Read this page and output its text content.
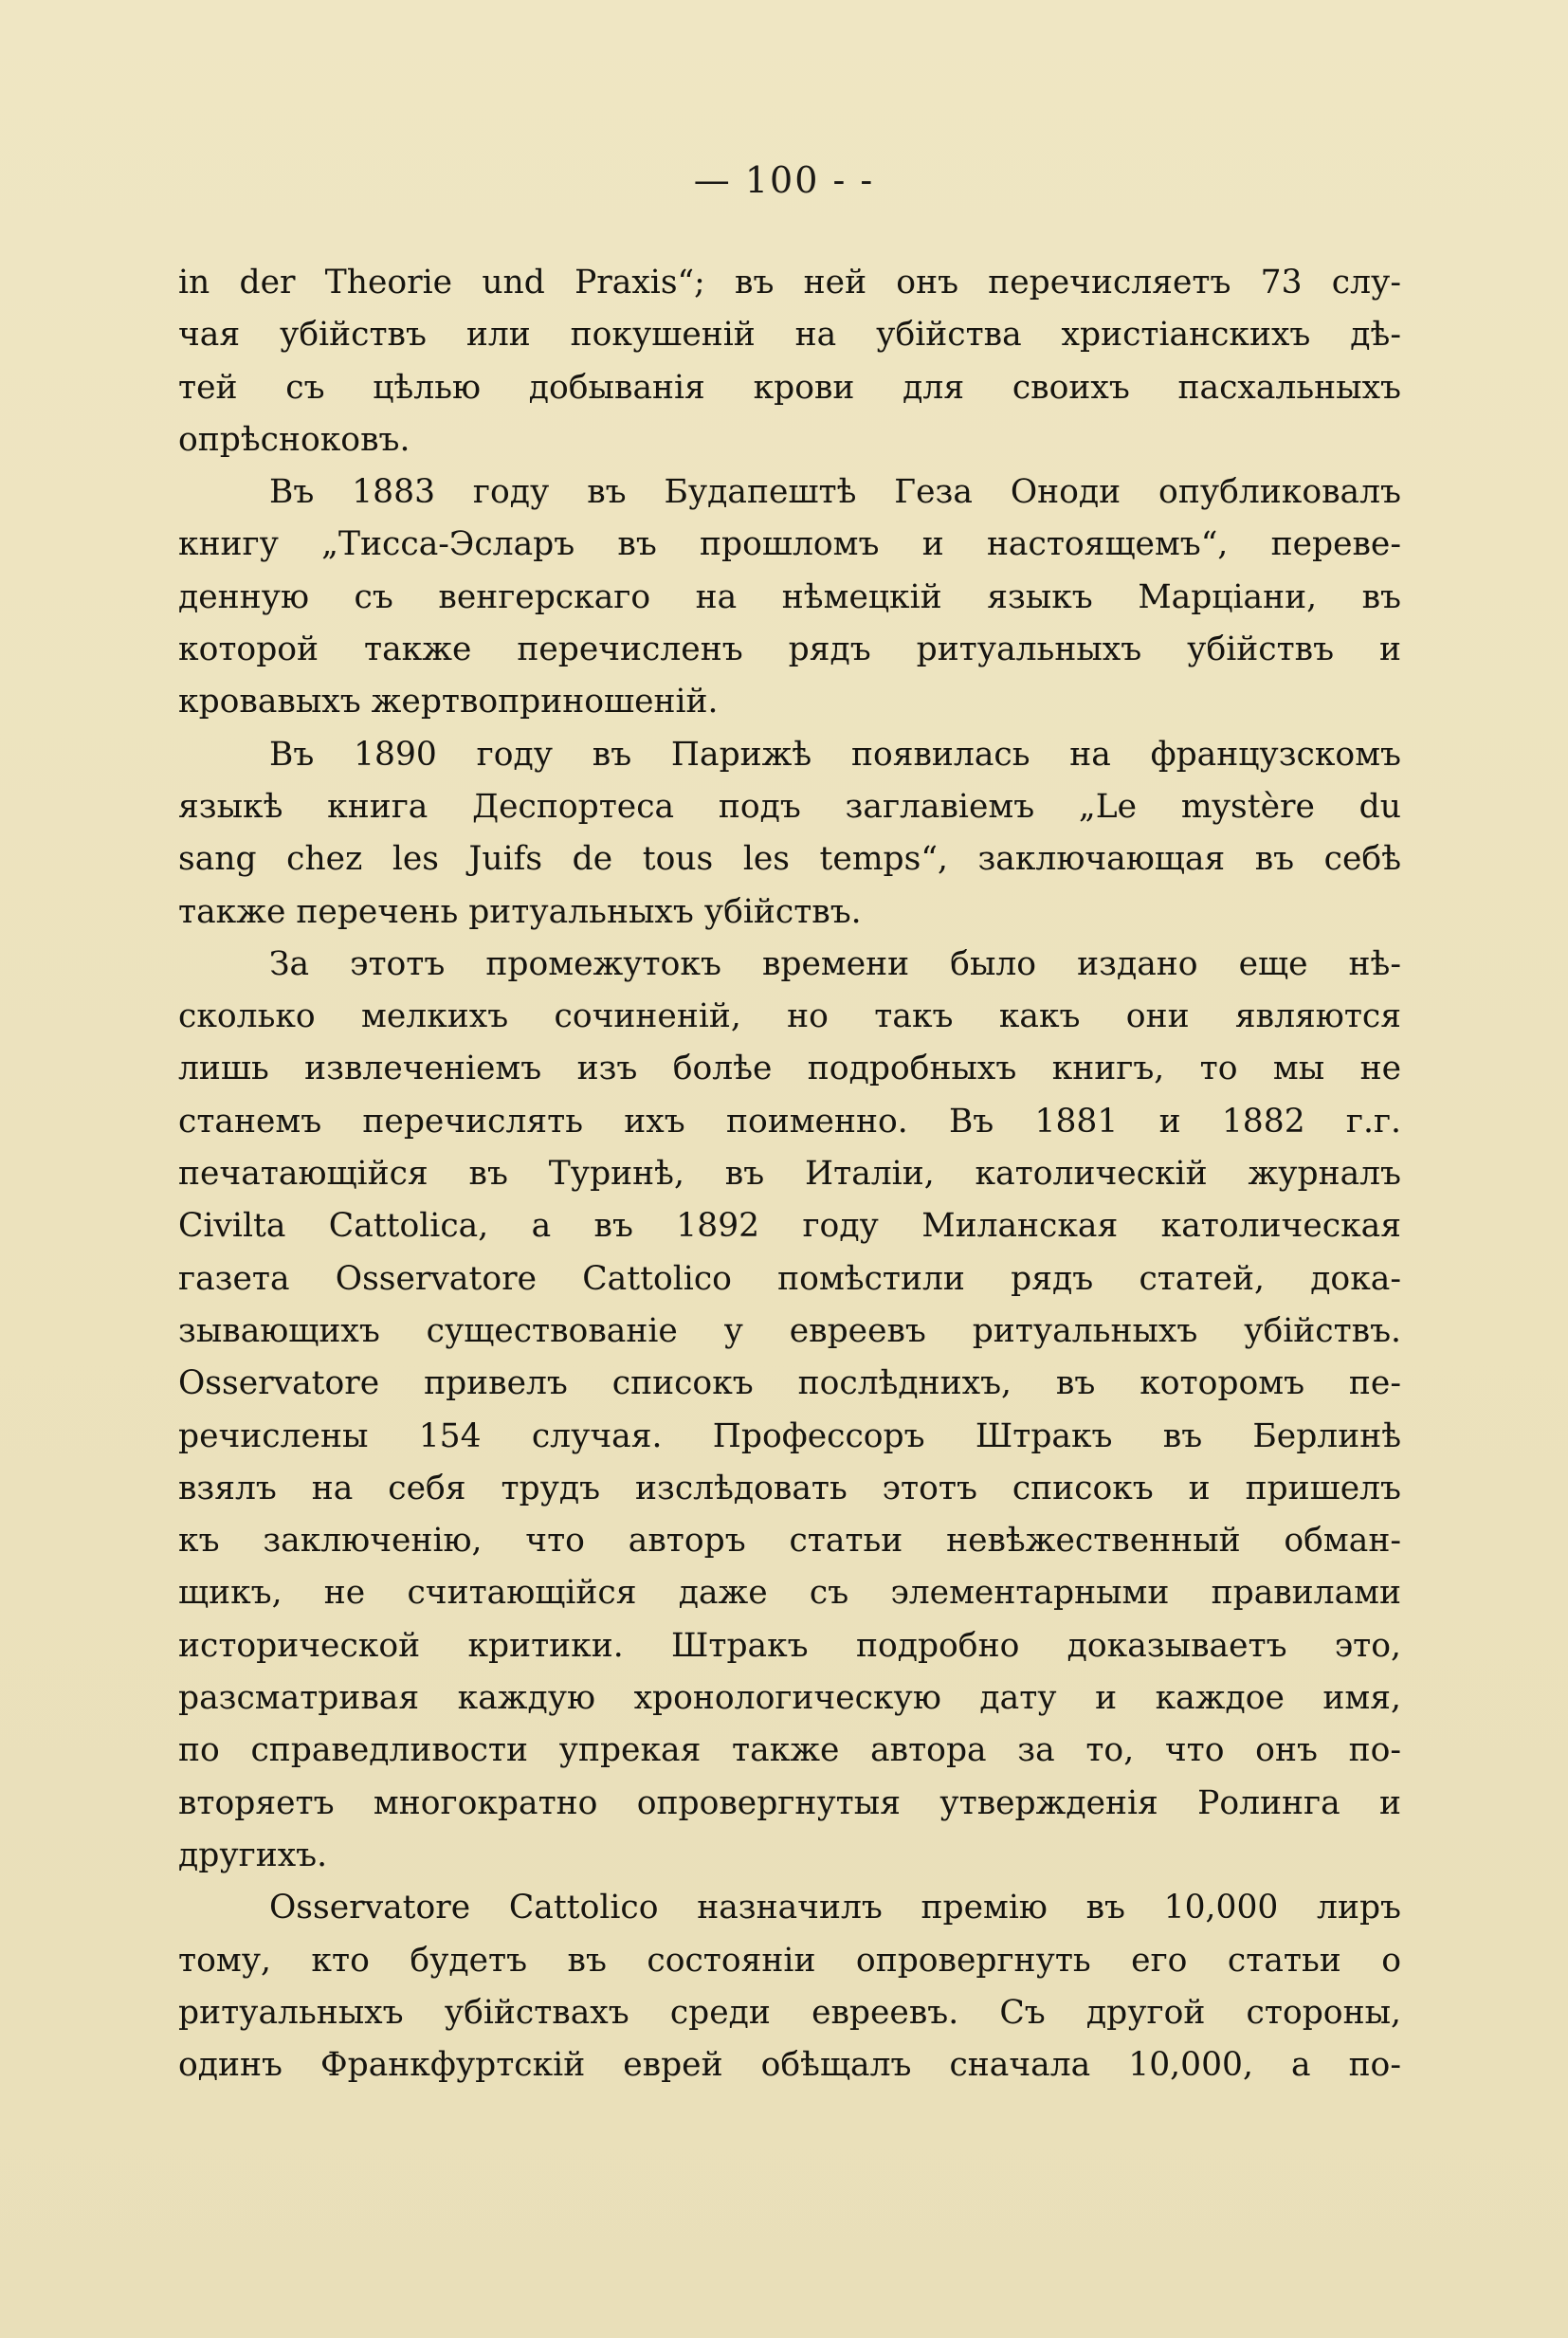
— 100 - -

in der Theorie und Praxis“; въ ней онъ перечисляетъ 73 слу-
чая убійствъ или покушеній на убійства христіанскихъ дѣ-
тей съ цѣлью добыванія крови для своихъ пасхальныхъ
опрѣсноковъ.

Въ 1883 году въ Будапештѣ Геза Оноди опубликовалъ
книгу „Тисса-Эсларъ въ прошломъ и настоящемъ“, переве-
денную съ венгерскаго на нѣмецкій языкъ Марціани, въ
которой также перечисленъ рядъ ритуальныхъ убійствъ и
кровавыхъ жертвоприношеній.

Въ 1890 году въ Парижѣ появилась на французскомъ
языкѣ книга Деспортеса подъ заглавіемъ „Le mystère du
sang chez les Juifs de tous les temps“, заключающая въ себѣ
также перечень ритуальныхъ убійствъ.

За этотъ промежутокъ времени было издано еще нѣ-
сколько мелкихъ сочиненій, но такъ какъ они являются
лишь извлеченіемъ изъ болѣе подробныхъ книгъ, то мы не
станемъ перечислять ихъ поименно. Въ 1881 и 1882 г.г.
печатающійся въ Туринѣ, въ Италіи, католическій журналъ
Civilta Cattolica, а въ 1892 году Миланская католическая
газета Osservatore Cattolico помѣстили рядъ статей, дока-
зывающихъ существованіе у евреевъ ритуальныхъ убійствъ.
Osservatore привелъ списокъ послѣднихъ, въ которомъ пе-
речислены 154 случая. Профессоръ Штракъ въ Берлинѣ
взялъ на себя трудъ изслѣдовать этотъ списокъ и пришелъ
къ заключенію, что авторъ статьи невѣжественный обман-
щикъ, не считающійся даже съ элементарными правилами
исторической критики. Штракъ подробно доказываетъ это,
разсматривая каждую хронологическую дату и каждое имя,
по справедливости упрекая также автора за то, что онъ по-
вторяетъ многократно опровергнутыя утвержденія Ролинга и
другихъ.

Osservatore Cattolico назначилъ премію въ 10,000 лиръ
тому, кто будетъ въ состояніи опровергнуть его статьи о
ритуальныхъ убійствахъ среди евреевъ. Съ другой стороны,
одинъ Франкфуртскій еврей обѣщалъ сначала 10,000, а по-
